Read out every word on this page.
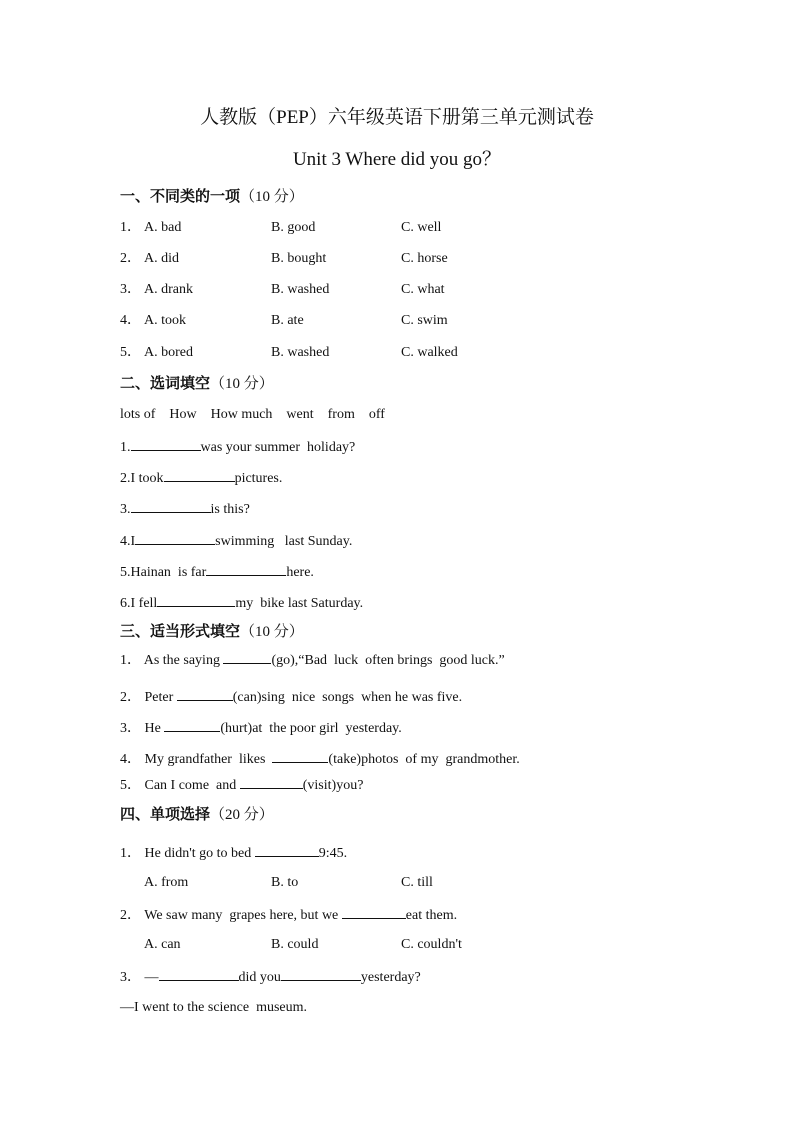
人教版（PEP）六年级英语下册第三单元测试卷
Unit 3 Where did you go？
一、不同类的一项（10 分）
1． A. bad	B. good	C. well
2． A. did	B. bought	C. horse
3． A. drank	B. washed	C. what
4． A. took	B. ate	C. swim
5． A. bored	B. washed	C. walked
二、选词填空（10 分）
lots of    How    How much    went    from    off
1.	was your summer  holiday?
2.I took	pictures.
3.	is this?
4.I	swimming   last Sunday.
5.Hainan  is far	here.
6.I fell	my  bike last Saturday.
三、适当形式填空（10 分）
1． As the saying	(go),“Bad  luck  often brings  good luck.”
2． Peter	(can)sing  nice  songs  when he was five.
3． He	(hurt)at  the poor girl  yesterday.
4． My grandfather  likes	(take)photos  of my  grandmother.
5． Can I come  and	(visit)you?
四、单项选择（20 分）
1． He didn't go to bed	9:45.
A. from	B. to	C. till
2． We saw many  grapes here, but we	eat them.
A. can	B. could	C. couldn't
3． —	did you	yesterday?
—I went to the science  museum.
